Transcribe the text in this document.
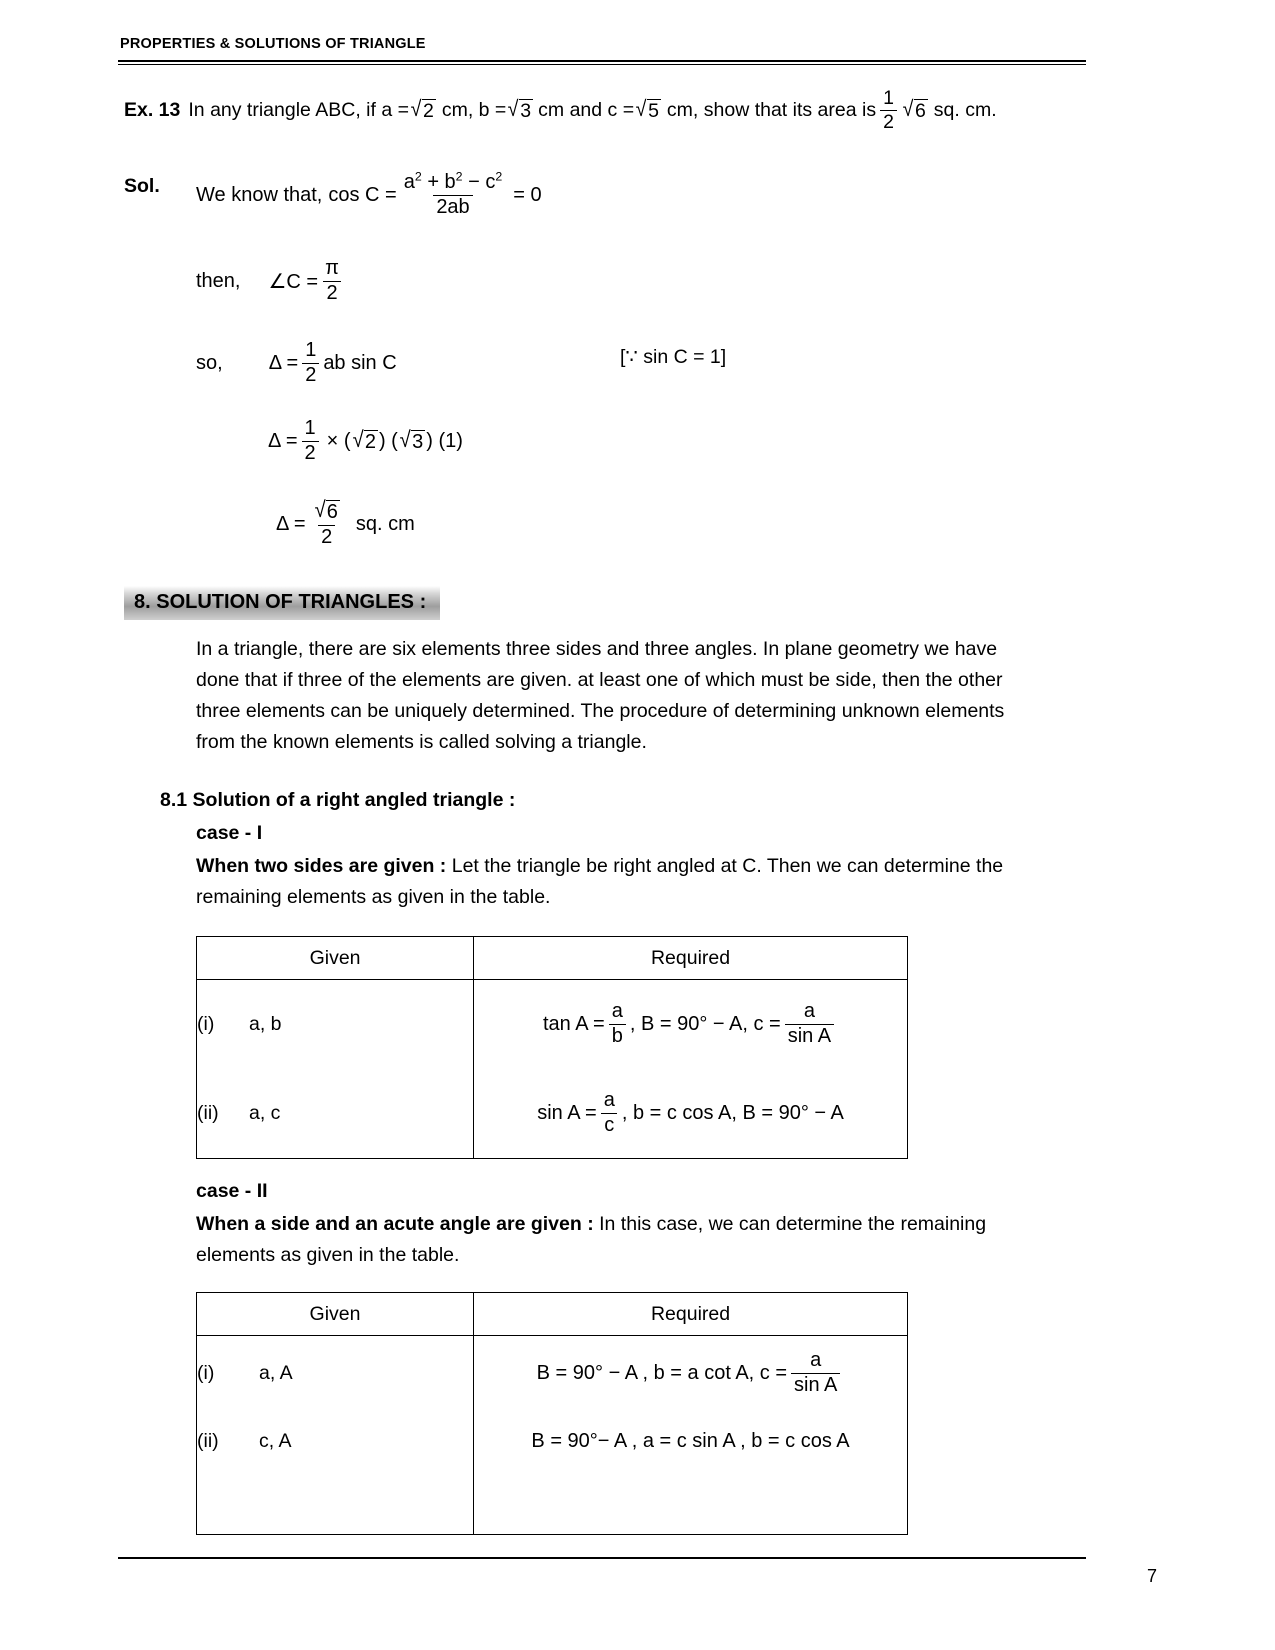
PROPERTIES & SOLUTIONS OF TRIANGLE
Ex. 13 In any triangle ABC, if a = √ 2 cm, b = √ 3 cm and c = √ 5 cm, show that its area is $\frac{1}{2}$ √ 6 sq. cm.
Sol. We know that, $\cos C = \frac{a^2 + b^2 - c^2}{2ab} = 0$
then, ∠C = $\frac{\pi}{2}$
so, $\Delta = \frac{1}{2}$ ab sin C	[∵ sin C = 1]
$\Delta = \frac{1}{2}$ × ( √ 2 ) ( √ 3 ) (1)
$\Delta = \frac{√ 6}{2}$ sq. cm
8. SOLUTION OF TRIANGLES :
In a triangle, there are six elements three sides and three angles. In plane geometry we have
done that if three of the elements are given. at least one of which must be side, then the other
three elements can be uniquely determined. The procedure of determining unknown elements
from the known elements is called solving a triangle.
8.1 Solution of a right angled triangle :
case - I
When two sides are given : Let the triangle be right angled at C. Then we can determine the
remaining elements as given in the table.
Given	Required
(i) a, b	$\tan A = \frac{a}{b}$ , B = 90° − A, $c = \frac{a}{\text{sin A}}$

(ii) a, c	$\sin A = \frac{a}{c}$ , b = c cos A, B = 90° − A
case - II
When a side and an acute angle are given : In this case, we can determine the remaining
elements as given in the table.
Given	Required
(i) a, A	B = 90° − A , b = a cot A, $c = \frac{a}{\text{sin A}}$

(ii) c, A	B = 90°− A , a = c sin A , b = c cos A

7
